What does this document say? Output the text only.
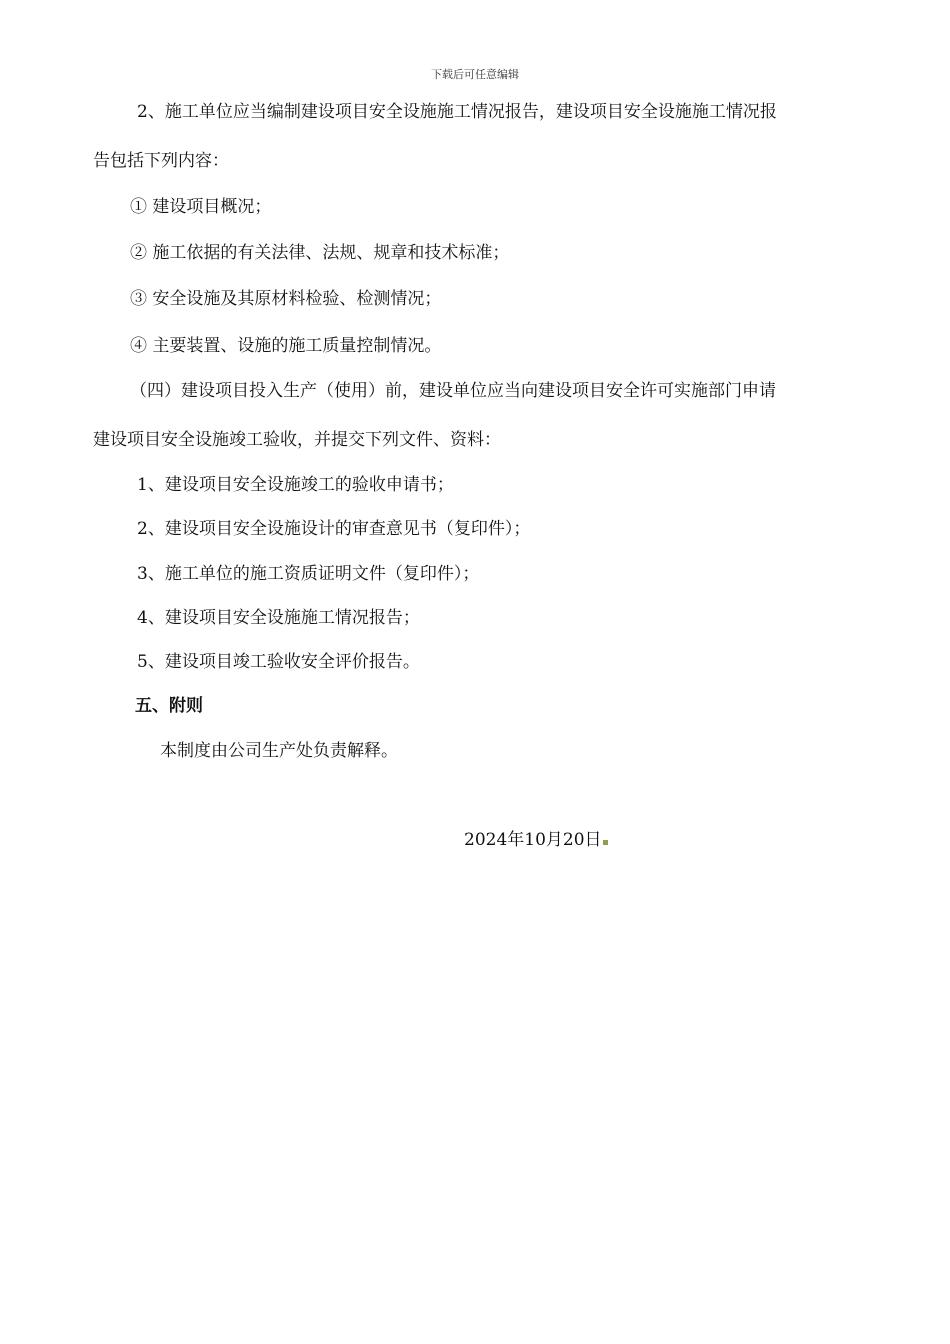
下载后可任意编辑
2、施工单位应当编制建设项目安全设施施工情况报告，建设项目安全设施施工情况报
告包括下列内容：
① 建设项目概况；
② 施工依据的有关法律、法规、规章和技术标准；
③ 安全设施及其原材料检验、检测情况；
④ 主要装置、设施的施工质量控制情况。
（四）建设项目投入生产（使用）前，建设单位应当向建设项目安全许可实施部门申请
建设项目安全设施竣工验收，并提交下列文件、资料：
1、建设项目安全设施竣工的验收申请书；
2、建设项目安全设施设计的审查意见书（复印件）；
3、施工单位的施工资质证明文件（复印件）；
4、建设项目安全设施施工情况报告；
5、建设项目竣工验收安全评价报告。
五、附则
本制度由公司生产处负责解释。
2024年10月20日
